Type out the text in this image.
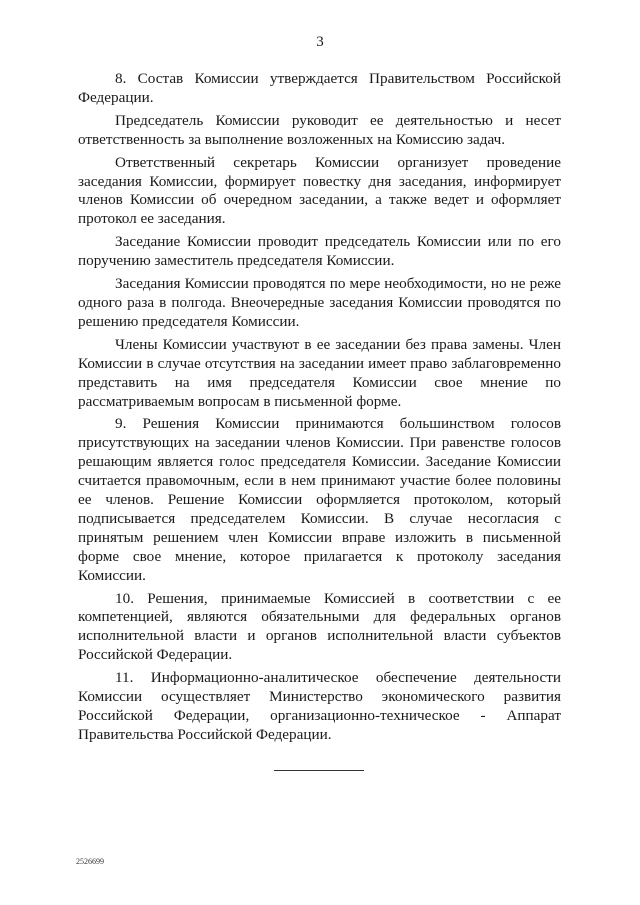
3

8. Состав Комиссии утверждается Правительством Российской Федерации.

Председатель Комиссии руководит ее деятельностью и несет ответственность за выполнение возложенных на Комиссию задач.

Ответственный секретарь Комиссии организует проведение заседания Комиссии, формирует повестку дня заседания, информирует членов Комиссии об очередном заседании, а также ведет и оформляет протокол ее заседания.

Заседание Комиссии проводит председатель Комиссии или по его поручению заместитель председателя Комиссии.

Заседания Комиссии проводятся по мере необходимости, но не реже одного раза в полгода. Внеочередные заседания Комиссии проводятся по решению председателя Комиссии.

Члены Комиссии участвуют в ее заседании без права замены. Член Комиссии в случае отсутствия на заседании имеет право заблаговременно представить на имя председателя Комиссии свое мнение по рассматриваемым вопросам в письменной форме.

9. Решения Комиссии принимаются большинством голосов присутствующих на заседании членов Комиссии. При равенстве голосов решающим является голос председателя Комиссии. Заседание Комиссии считается правомочным, если в нем принимают участие более половины ее членов. Решение Комиссии оформляется протоколом, который подписывается председателем Комиссии. В случае несогласия с принятым решением член Комиссии вправе изложить в письменной форме свое мнение, которое прилагается к протоколу заседания Комиссии.

10. Решения, принимаемые Комиссией в соответствии с ее компетенцией, являются обязательными для федеральных органов исполнительной власти и органов исполнительной власти субъектов Российской Федерации.

11. Информационно-аналитическое обеспечение деятельности Комиссии осуществляет Министерство экономического развития Российской Федерации, организационно-техническое - Аппарат Правительства Российской Федерации.

2526699
